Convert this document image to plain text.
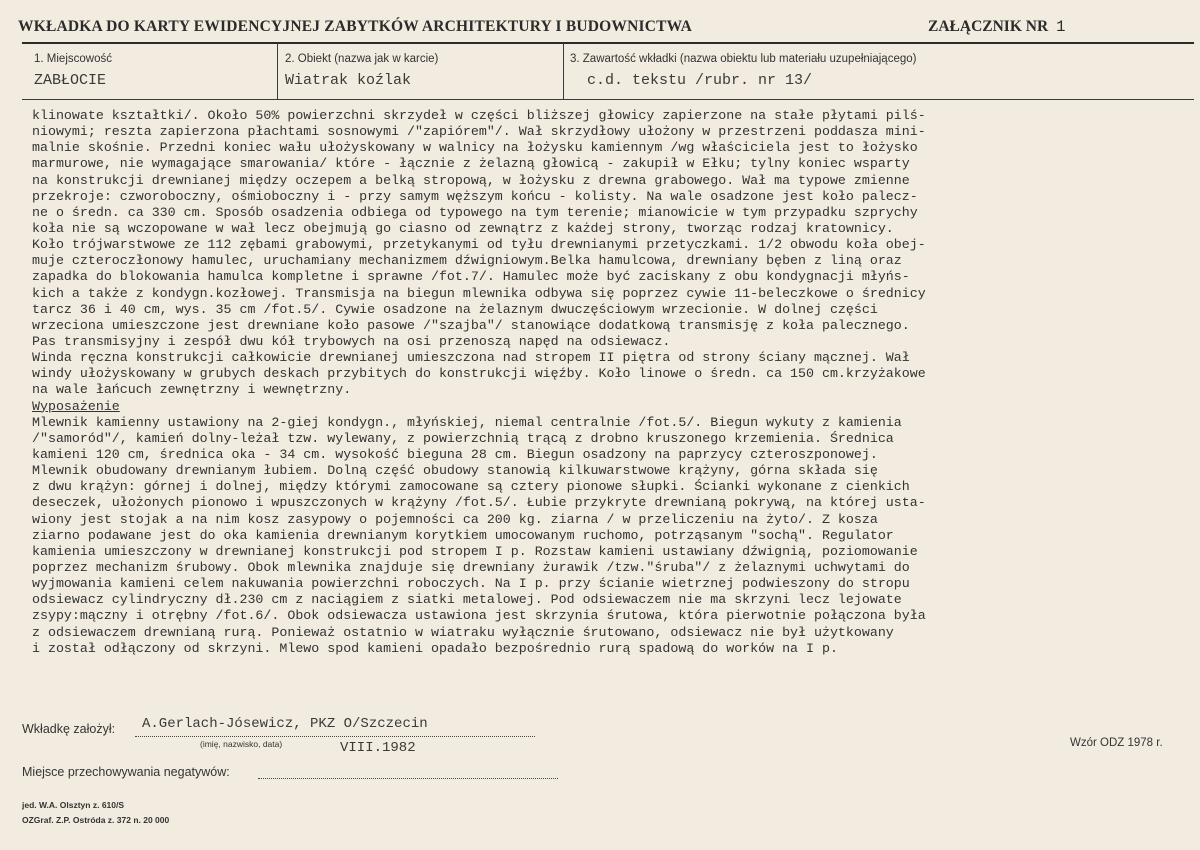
WKŁADKA DO KARTY EWIDENCYJNEJ ZABYTKÓW ARCHITEKTURY I BUDOWNICTWA	ZAŁĄCZNIK NR 1
1. Miejscowość
ZABŁOCIE
2. Obiekt (nazwa jak w karcie)
Wiatrak koźlak
3. Zawartość wkładki (nazwa obiektu lub materiału uzupełniającego)
c.d. tekstu /rubr. nr 13/
klinowate kształtki/. Około 50% powierzchni skrzydeł w części bliższej głowicy zapierzone na stałe płytami pilś-
niowymi; reszta zapierzona płachtami sosnowymi /"zapiórem"/. Wał skrzydłowy ułożony w przestrzeni poddasza mini-
malnie skośnie. Przedni koniec wału ułożyskowany w walnicy na łożysku kamiennym /wg właściciela jest to łożysko
marmurowe, nie wymagające smarowania/ które - łącznie z żelazną głowicą - zakupił w Ełku; tylny koniec wsparty
na konstrukcji drewnianej między oczepem a belką stropową, w łożysku z drewna grabowego. Wał ma typowe zmienne
przekroje: czworoboczny, ośmioboczny i - przy samym węższym końcu - kolisty. Na wale osadzone jest koło palecz-
ne o średn. ca 330 cm. Sposób osadzenia odbiega od typowego na tym terenie; mianowicie w tym przypadku szprychy
koła nie są wczopowane w wał lecz obejmują go ciasno od zewnątrz z każdej strony, tworząc rodzaj kratownicy.
Koło trójwarstwowe ze 112 zębami grabowymi, przetykanymi od tyłu drewnianymi przetyczkami. 1/2 obwodu koła obej-
muje czteroczłonowy hamulec, uruchamiany mechanizmem dźwigniowym.Belka hamulcowa, drewniany bęben z liną oraz
zapadka do blokowania hamulca kompletne i sprawne /fot.7/. Hamulec może być zaciskany z obu kondygnacji młyńs-
kich a także z kondygn.kozłowej. Transmisja na biegun mlewnika odbywa się poprzez cywie 11-beleczkowe o średnicy
tarcz 36 i 40 cm, wys. 35 cm /fot.5/. Cywie osadzone na żelaznym dwuczęściowym wrzecionie. W dolnej części
wrzeciona umieszczone jest drewniane koło pasowe /"szajba"/ stanowiące dodatkową transmisję z koła palecznego.
Pas transmisyjny i zespół dwu kół trybowych na osi przenoszą napęd na odsiewacz.
Winda ręczna konstrukcji całkowicie drewnianej umieszczona nad stropem II piętra od strony ściany mącznej. Wał
windy ułożyskowany w grubych deskach przybitych do konstrukcji więźby. Koło linowe o średn. ca 150 cm.krzyżakowe
na wale łańcuch zewnętrzny i wewnętrzny.
Wyposażenie
Mlewnik kamienny ustawiony na 2-giej kondygn., młyńskiej, niemal centralnie /fot.5/. Biegun wykuty z kamienia
/"samoród"/, kamień dolny-leżał tzw. wylewany, z powierzchnią trącą z drobno kruszonego krzemienia. Średnica
kamieni 120 cm, średnica oka - 34 cm. wysokość bieguna 28 cm. Biegun osadzony na paprzycy czteroszponowej.
Mlewnik obudowany drewnianym łubiem. Dolną część obudowy stanowią kilkuwarstwowe krążyny, górna składa się
z dwu krążyn: górnej i dolnej, między którymi zamocowane są cztery pionowe słupki. Ścianki wykonane z cienkich
deseczek, ułożonych pionowo i wpuszczonych w krążyny /fot.5/. Łubie przykryte drewnianą pokrywą, na której usta-
wiony jest stojak a na nim kosz zasypowy o pojemności ca 200 kg. ziarna / w przeliczeniu na żyto/. Z kosza
ziarno podawane jest do oka kamienia drewnianym korytkiem umocowanym ruchomo, potrząsanym "sochą". Regulator
kamienia umieszczony w drewnianej konstrukcji pod stropem I p. Rozstaw kamieni ustawiany dźwignią, poziomowanie
poprzez mechanizm śrubowy. Obok mlewnika znajduje się drewniany żurawik /tzw."śruba"/ z żelaznymi uchwytami do
wyjmowania kamieni celem nakuwania powierzchni roboczych. Na I p. przy ścianie wietrznej podwieszony do stropu
odsiewacz cylindryczny dł.230 cm z naciągiem z siatki metalowej. Pod odsiewaczem nie ma skrzyni lecz lejowate
zsypy:mączny i otrębny /fot.6/. Obok odsiewacza ustawiona jest skrzynia śrutowa, która pierwotnie połączona była
z odsiewaczem drewnianą rurą. Ponieważ ostatnio w wiatraku wyłącznie śrutowano, odsiewacz nie był użytkowany
i został odłączony od skrzyni. Mlewo spod kamieni opadało bezpośrednio rurą spadową do worków na I p.
Wkładkę założył: A.Gerlach-Jósewicz, PKZ O/Szczecin
(imię, nazwisko, data)	VIII.1982	Wzór ODZ 1978 r.
Miejsce przechowywania negatywów:
jed. W.A. Olsztyn z. 610/S
OZGraf. Z.P. Ostróda z. 372 n. 20 000
